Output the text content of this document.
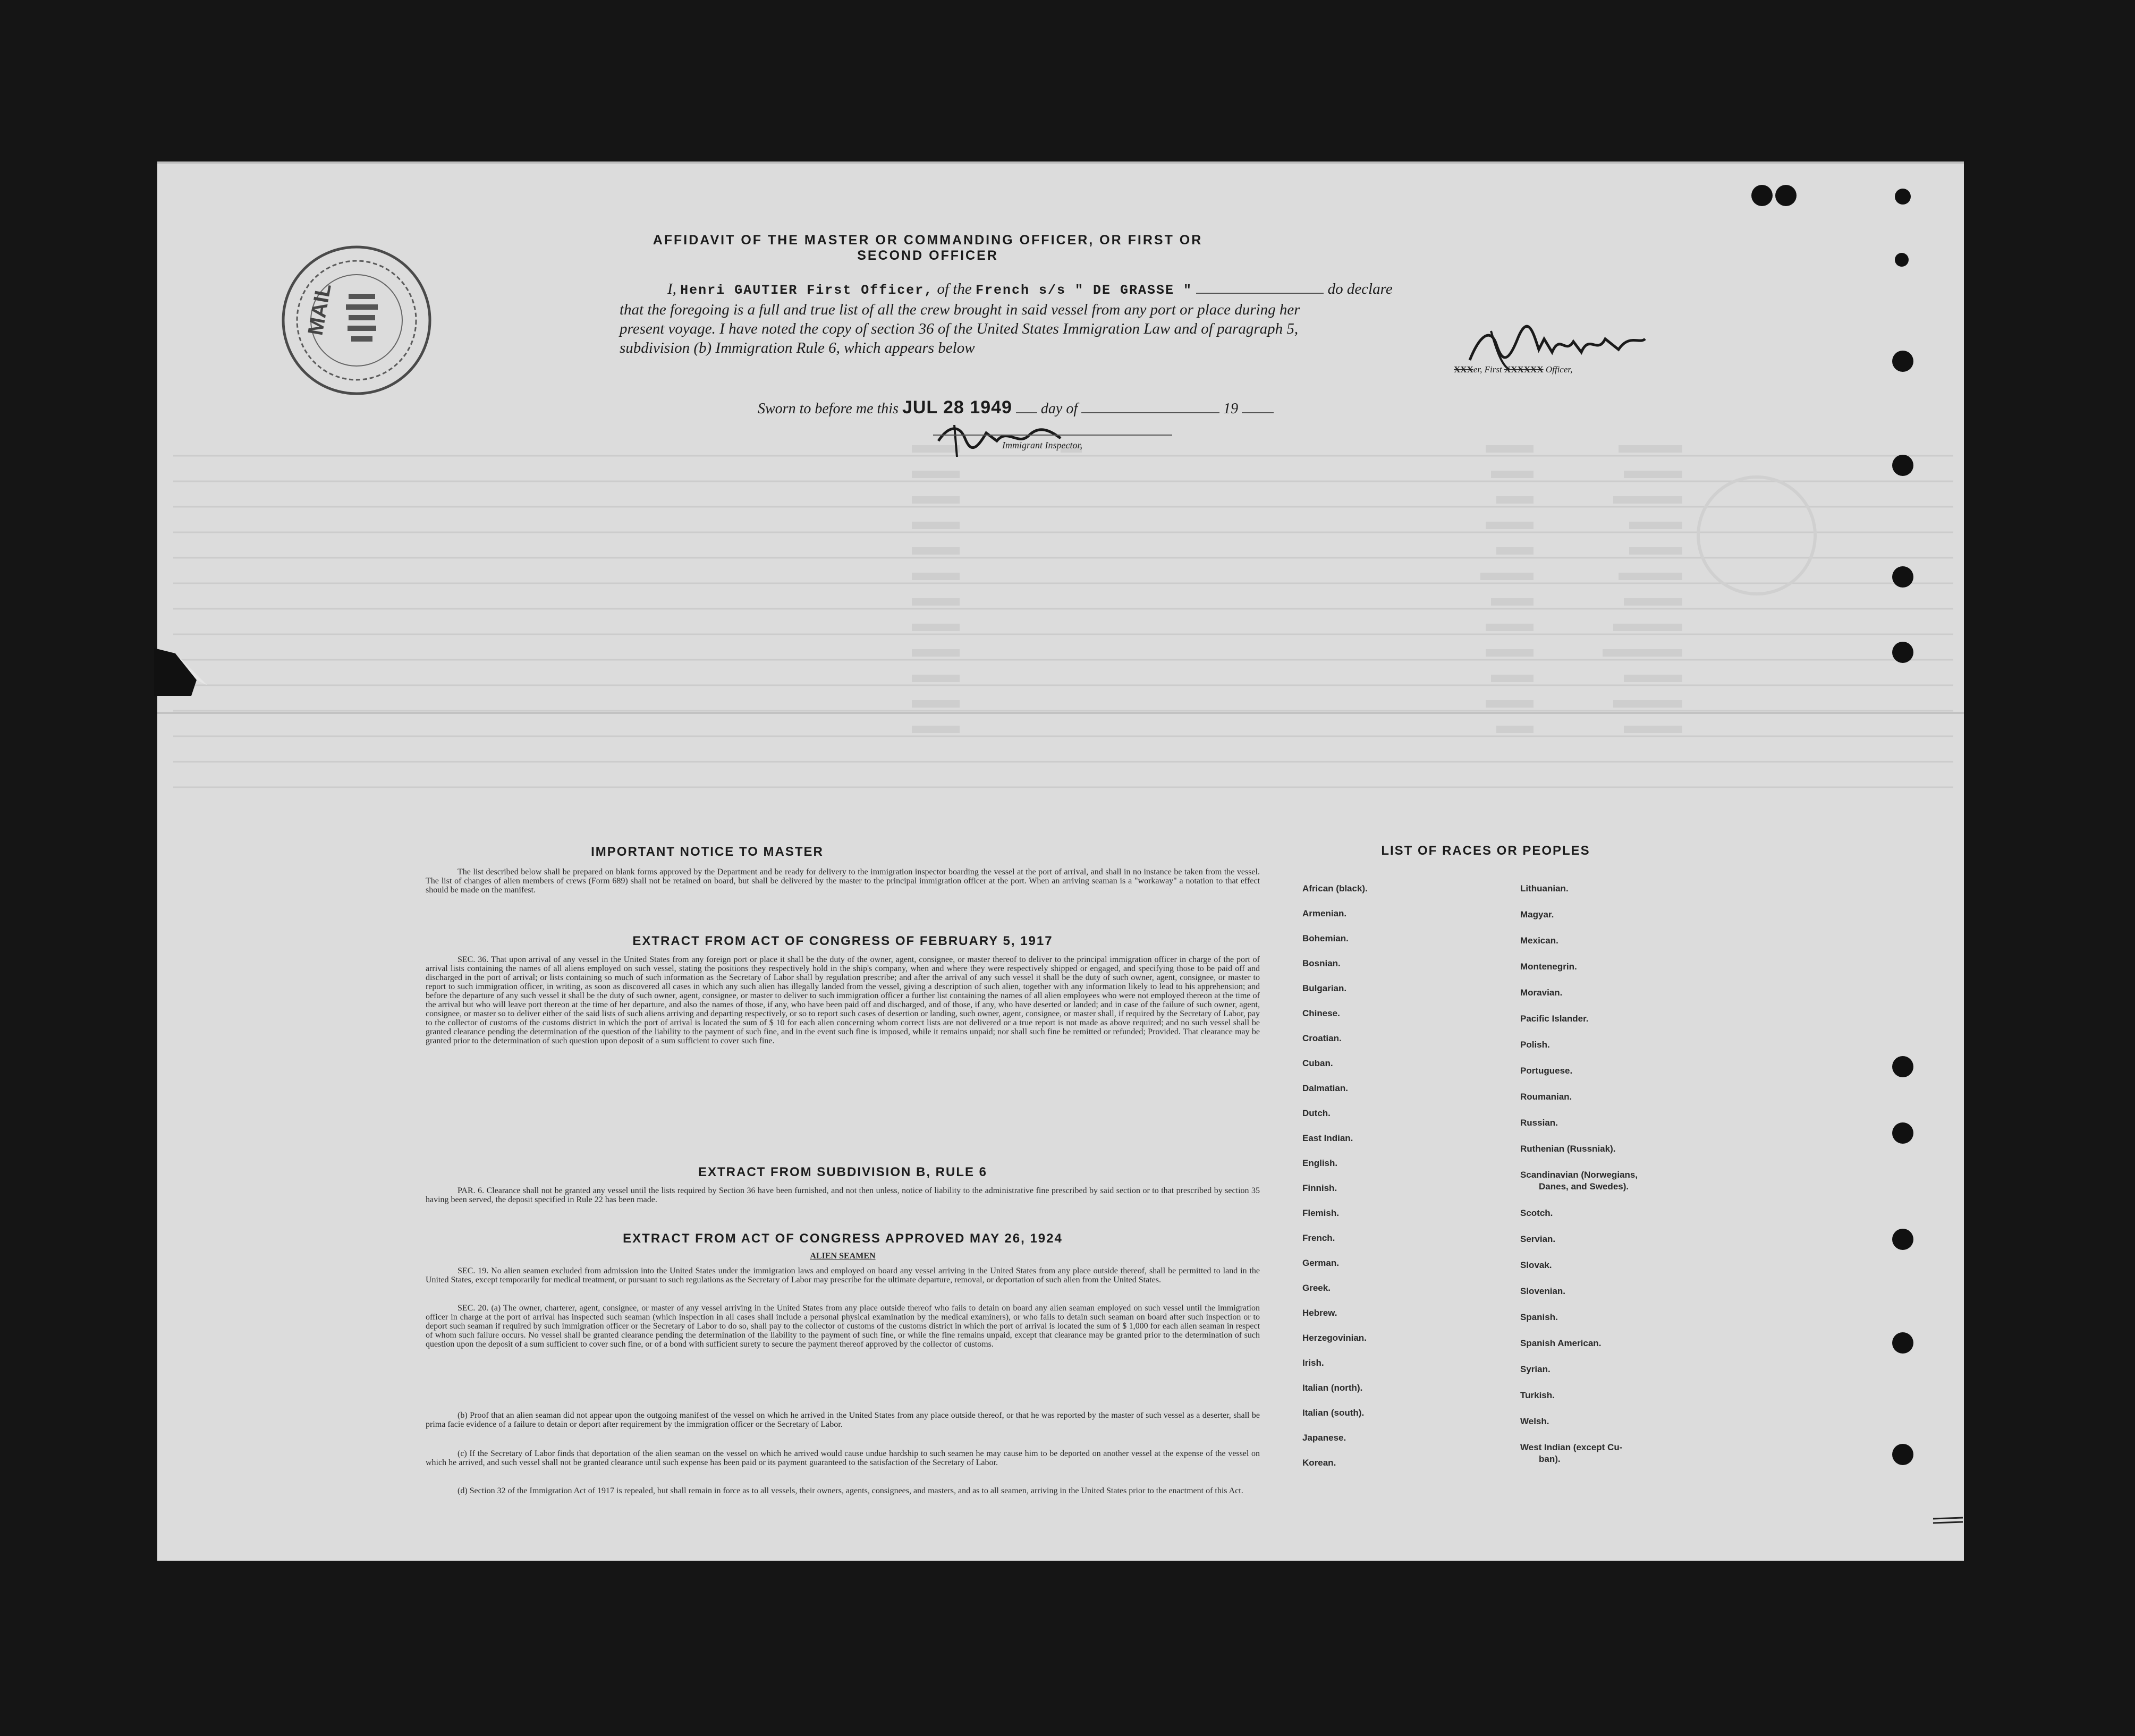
MAIL
AFFIDAVIT OF THE MASTER OR COMMANDING OFFICER, OR FIRST OR SECOND OFFICER
I, Henri GAUTIER First Officer, of the French s/s " DE GRASSE "	do declare
that the foregoing is a full and true list of all the crew brought in said vessel from any port or place during her
present voyage. I have noted the copy of section 36 of the United States Immigration Law and of paragraph 5,
subdivision (b) Immigration Rule 6, which appears below
XXXer, First XXXXXX Officer,
Sworn to before me this JUL 28 1949 day of	19
Immigrant Inspector,
IMPORTANT NOTICE TO MASTER
The list described below shall be prepared on blank forms approved by the Department and be ready for delivery to the immigration inspector boarding the vessel at the port of arrival, and shall in no instance be taken from the vessel. The list of changes of alien members of crews (Form 689) shall not be retained on board, but shall be delivered by the master to the principal immigration officer at the port. When an arriving seaman is a "workaway" a notation to that effect should be made on the manifest.
EXTRACT FROM ACT OF CONGRESS OF FEBRUARY 5, 1917
SEC. 36. That upon arrival of any vessel in the United States from any foreign port or place it shall be the duty of the owner, agent, consignee, or master thereof to deliver to the principal immigration officer in charge of the port of arrival lists containing the names of all aliens employed on such vessel, stating the positions they respectively hold in the ship's company, when and where they were respectively shipped or engaged, and specifying those to be paid off and discharged in the port of arrival; or lists containing so much of such information as the Secretary of Labor shall by regulation prescribe; and after the arrival of any such vessel it shall be the duty of such owner, agent, consignee, or master to report to such immigration officer, in writing, as soon as discovered all cases in which any such alien has illegally landed from the vessel, giving a description of such alien, together with any information likely to lead to his apprehension; and before the departure of any such vessel it shall be the duty of such owner, agent, consignee, or master to deliver to such immigration officer a further list containing the names of all alien employees who were not employed thereon at the time of the arrival but who will leave port thereon at the time of her departure, and also the names of those, if any, who have been paid off and discharged, and of those, if any, who have deserted or landed; and in case of the failure of such owner, agent, consignee, or master so to deliver either of the said lists of such aliens arriving and departing respectively, or so to report such cases of desertion or landing, such owner, agent, consignee, or master shall, if required by the Secretary of Labor, pay to the collector of customs of the customs district in which the port of arrival is located the sum of $ 10 for each alien concerning whom correct lists are not delivered or a true report is not made as above required; and no such vessel shall be granted clearance pending the determination of the question of the liability to the payment of such fine, and in the event such fine is imposed, while it remains unpaid; nor shall such fine be remitted or refunded; Provided. That clearance may be granted prior to the determination of such question upon deposit of a sum sufficient to cover such fine.
EXTRACT FROM SUBDIVISION B, RULE 6
PAR. 6. Clearance shall not be granted any vessel until the lists required by Section 36 have been furnished, and not then unless, notice of liability to the administrative fine prescribed by said section or to that prescribed by section 35 having been served, the deposit specified in Rule 22 has been made.
EXTRACT FROM ACT OF CONGRESS APPROVED MAY 26, 1924
ALIEN SEAMEN
SEC. 19. No alien seamen excluded from admission into the United States under the immigration laws and employed on board any vessel arriving in the United States from any place outside thereof, shall be permitted to land in the United States, except temporarily for medical treatment, or pursuant to such regulations as the Secretary of Labor may prescribe for the ultimate departure, removal, or deportation of such alien from the United States.
SEC. 20. (a) The owner, charterer, agent, consignee, or master of any vessel arriving in the United States from any place outside thereof who fails to detain on board any alien seaman employed on such vessel until the immigration officer in charge at the port of arrival has inspected such seaman (which inspection in all cases shall include a personal physical examination by the medical examiners), or who fails to detain such seaman on board after such inspection or to deport such seaman if required by such immigration officer or the Secretary of Labor to do so, shall pay to the collector of customs of the customs district in which the port of arrival is located the sum of $ 1,000 for each alien seaman in respect of whom such failure occurs. No vessel shall be granted clearance pending the determination of the liability to the payment of such fine, or while the fine remains unpaid, except that clearance may be granted prior to the determination of such question upon the deposit of a sum sufficient to cover such fine, or of a bond with sufficient surety to secure the payment thereof approved by the collector of customs.
(b) Proof that an alien seaman did not appear upon the outgoing manifest of the vessel on which he arrived in the United States from any place outside thereof, or that he was reported by the master of such vessel as a deserter, shall be prima facie evidence of a failure to detain or deport after requirement by the immigration officer or the Secretary of Labor.
(c) If the Secretary of Labor finds that deportation of the alien seaman on the vessel on which he arrived would cause undue hardship to such seamen he may cause him to be deported on another vessel at the expense of the vessel on which he arrived, and such vessel shall not be granted clearance until such expense has been paid or its payment guaranteed to the satisfaction of the Secretary of Labor.
(d) Section 32 of the Immigration Act of 1917 is repealed, but shall remain in force as to all vessels, their owners, agents, consignees, and masters, and as to all seamen, arriving in the United States prior to the enactment of this Act.
LIST OF RACES OR PEOPLES
African (black).
Armenian.
Bohemian.
Bosnian.
Bulgarian.
Chinese.
Croatian.
Cuban.
Dalmatian.
Dutch.
East Indian.
English.
Finnish.
Flemish.
French.
German.
Greek.
Hebrew.
Herzegovinian.
Irish.
Italian (north).
Italian (south).
Japanese.
Korean.
Lithuanian.
Magyar.
Mexican.
Montenegrin.
Moravian.
Pacific Islander.
Polish.
Portuguese.
Roumanian.
Russian.
Ruthenian (Russniak).
Scandinavian (Norwegians,
Danes, and Swedes).
Scotch.
Servian.
Slovak.
Slovenian.
Spanish.
Spanish American.
Syrian.
Turkish.
Welsh.
West Indian (except Cu-
ban).
